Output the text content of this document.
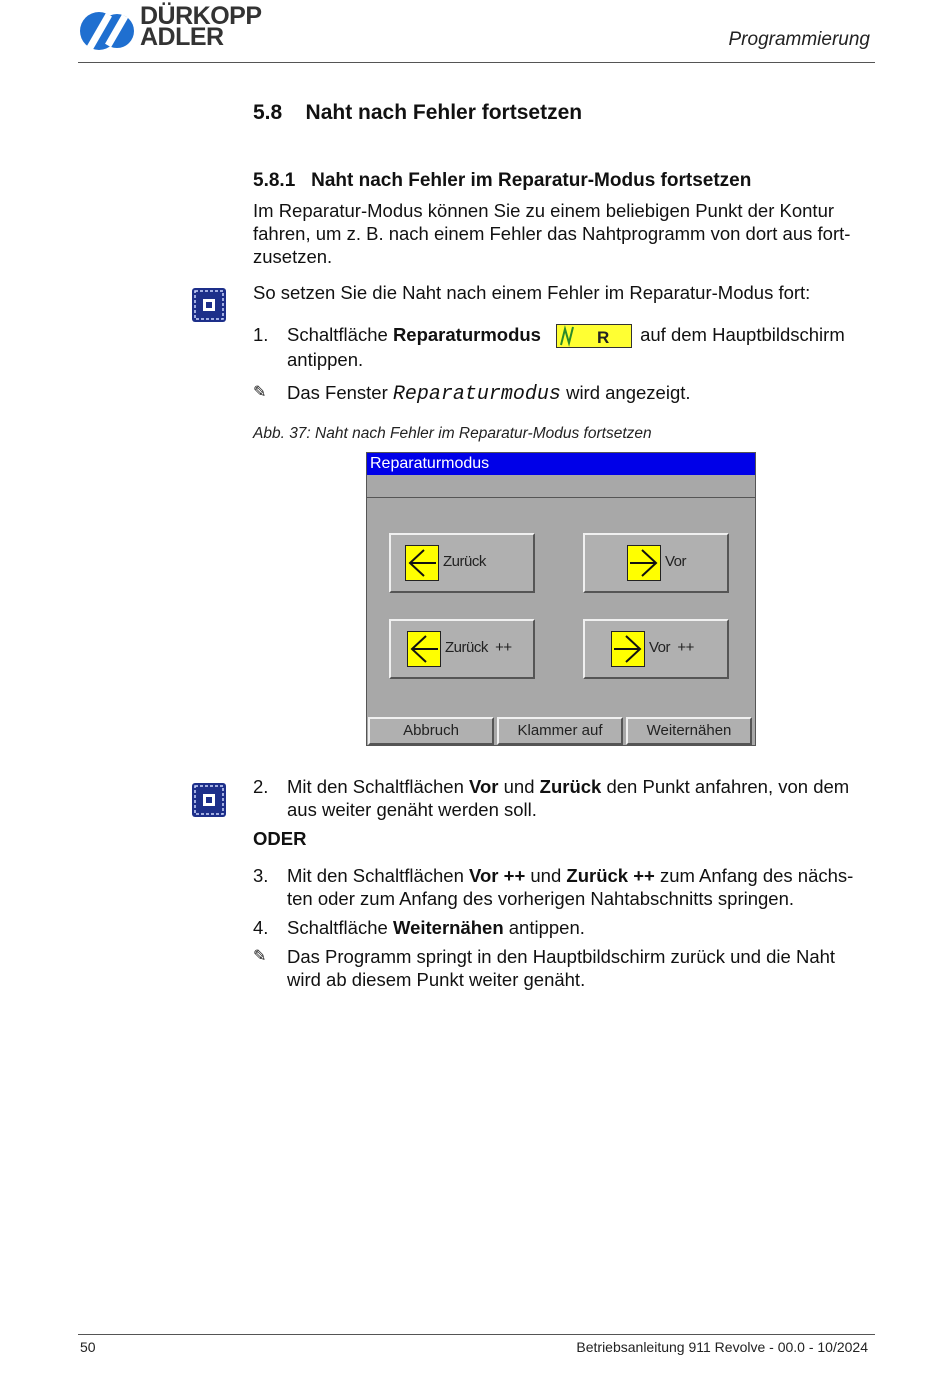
DÜRKOPP
ADLER	Programmierung
5.8    Naht nach Fehler fortsetzen
5.8.1   Naht nach Fehler im Reparatur-Modus fortsetzen

Im Reparatur-Modus können Sie zu einem beliebigen Punkt der Kontur fahren, um z. B. nach einem Fehler das Nahtprogramm von dort aus fort-zusetzen.

So setzen Sie die Naht nach einem Fehler im Reparatur-Modus fort:

1. Schaltfläche Reparaturmodus	R auf dem Hauptbildschirm antippen.
✎ Das Fenster Reparaturmodus wird angezeigt.
Abb. 37: Naht nach Fehler im Reparatur-Modus fortsetzen
Reparaturmodus
Zurück	Vor
Zurück  ++	Vor  ++
Abbruch	Klammer auf	Weiternähen
2. Mit den Schaltflächen Vor und Zurück den Punkt anfahren, von dem aus weiter genäht werden soll.
ODER
3. Mit den Schaltflächen Vor ++ und Zurück ++ zum Anfang des nächs-ten oder zum Anfang des vorherigen Nahtabschnitts springen.
4. Schaltfläche Weiternähen antippen.
✎ Das Programm springt in den Hauptbildschirm zurück und die Naht wird ab diesem Punkt weiter genäht.
50	Betriebsanleitung 911 Revolve - 00.0 - 10/2024
